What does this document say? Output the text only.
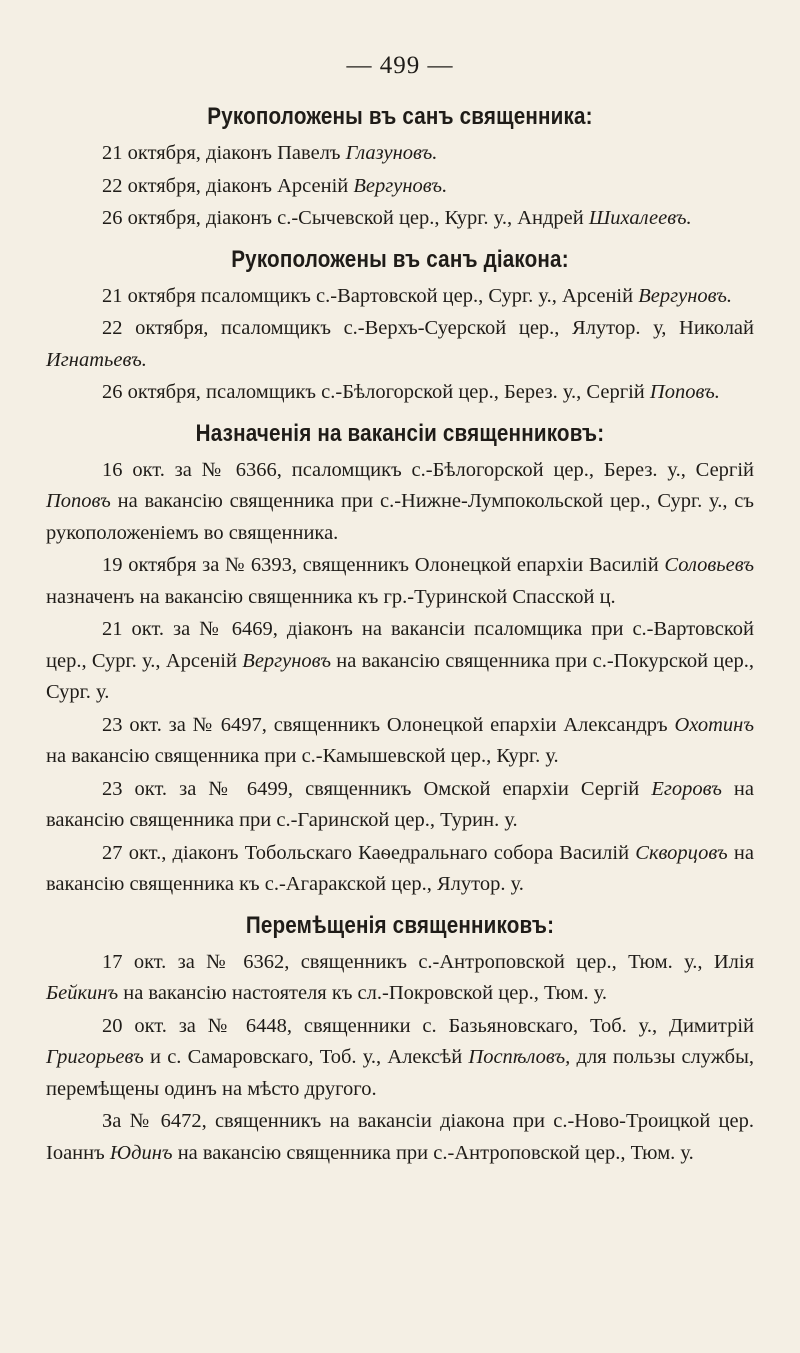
— 499 —
Рукоположены въ санъ священника:

21 октября, діаконъ Павелъ Глазуновъ.

22 октября, діаконъ Арсеній Вергуновъ.

26 октября, діаконъ с.-Сычевской цер., Кург. у., Андрей Шихалеевъ.

Рукоположены въ санъ діакона:

21 октября псаломщикъ с.-Вартовской цер., Сург. у., Арсеній Вергуновъ.

22 октября, псаломщикъ с.-Верхъ-Суерской цер., Ялутор. у, Николай Игнатьевъ.

26 октября, псаломщикъ с.-Бѣлогорской цер., Берез. у., Сергій Поповъ.

Назначенія на вакансіи священниковъ:

16 окт. за № 6366, псаломщикъ с.-Бѣлогорской цер., Берез. у., Сергій Поповъ на вакансію священника при с.-Нижне-Лумпокольской цер., Сург. у., съ рукоположеніемъ во священника.

19 октября за № 6393, священникъ Олонецкой епархіи Василій Соловьевъ назначенъ на вакансію священника къ гр.-Туринской Спасской ц.

21 окт. за № 6469, діаконъ на вакансіи псаломщика при с.-Вартовской цер., Сург. у., Арсеній Вергуновъ на вакансію священника при с.-Покурской цер., Сург. у.

23 окт. за № 6497, священникъ Олонецкой епархіи Александръ Охотинъ на вакансію священника при с.-Камышевской цер., Кург. у.

23 окт. за № 6499, священникъ Омской епархіи Сергій Егоровъ на вакансію священника при с.-Гаринской цер., Турин. у.

27 окт., діаконъ Тобольскаго Каѳедральнаго собора Василій Скворцовъ на вакансію священника къ с.-Агаракской цер., Ялутор. у.

Перемѣщенія священниковъ:

17 окт. за № 6362, священникъ с.-Антроповской цер., Тюм. у., Илія Бейкинъ на вакансію настоятеля къ сл.-Покровской цер., Тюм. у.

20 окт. за № 6448, священники с. Базьяновскаго, Тоб. у., Димитрій Григорьевъ и с. Самаровскаго, Тоб. у., Алексѣй Поспѣловъ, для пользы службы, перемѣщены одинъ на мѣсто другого.

За № 6472, священникъ на вакансіи діакона при с.-Ново-Троицкой цер. Іоаннъ Юдинъ на вакансію священника при с.-Антроповской цер., Тюм. у.
